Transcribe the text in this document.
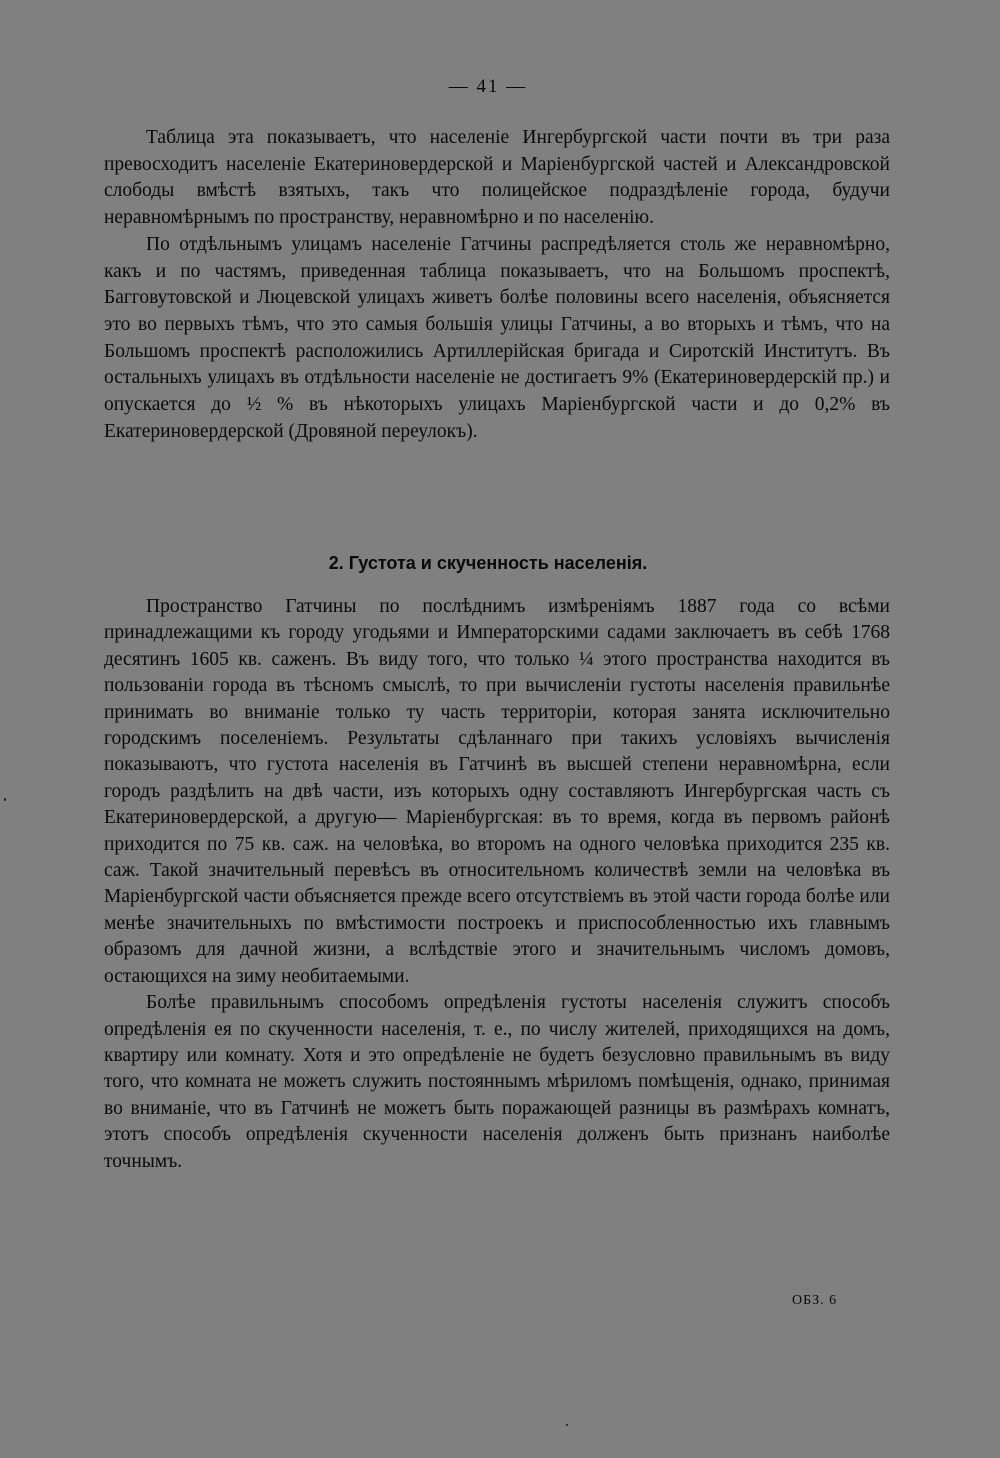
— 41 —

Таблица эта показываетъ, что населеніе Ингербургской части почти въ три раза превосходитъ населеніе Екатериновердерской и Маріенбургской частей и Александровской слободы вмѣстѣ взятыхъ, такъ что полицейское подраздѣленіе города, будучи неравномѣрнымъ по пространству, неравномѣрно и по населенію.

По отдѣльнымъ улицамъ населеніе Гатчины распредѣляется столь же неравномѣрно, какъ и по частямъ, приведенная таблица показываетъ, что на Большомъ проспектѣ, Багговутовской и Люцевской улицахъ живетъ болѣе половины всего населенія, объясняется это во первыхъ тѣмъ, что это самыя большія улицы Гатчины, а во вторыхъ и тѣмъ, что на Большомъ проспектѣ расположились Артиллерійская бригада и Сиротскій Институтъ. Въ остальныхъ улицахъ въ отдѣльности населеніе не достигаетъ 9% (Екатериновердерскій пр.) и опускается до ½ % въ нѣкоторыхъ улицахъ Маріенбургской части и до 0,2% въ Екатериновердерской (Дровяной переулокъ).

2. Густота и скученность населенія.

Пространство Гатчины по послѣднимъ измѣреніямъ 1887 года со всѣми принадлежащими къ городу угодьями и Императорскими садами заключаетъ въ себѣ 1768 десятинъ 1605 кв. саженъ. Въ виду того, что только ¼ этого пространства находится въ пользованіи города въ тѣсномъ смыслѣ, то при вычисленіи густоты населенія правильнѣе принимать во вниманіе только ту часть территоріи, которая занята исключительно городскимъ поселеніемъ. Результаты сдѣланнаго при такихъ условіяхъ вычисленія показываютъ, что густота населенія въ Гатчинѣ въ высшей степени неравномѣрна, если городъ раздѣлить на двѣ части, изъ которыхъ одну составляютъ Ингербургская часть съ Екатериновердерской, а другую— Маріенбургская: въ то время, когда въ первомъ районѣ приходится по 75 кв. саж. на человѣка, во второмъ на одного человѣка приходится 235 кв. саж. Такой значительный перевѣсъ въ относительномъ количествѣ земли на человѣка въ Маріенбургской части объясняется прежде всего отсутствіемъ въ этой части города болѣе или менѣе значительныхъ по вмѣстимости построекъ и приспособленностью ихъ главнымъ образомъ для дачной жизни, а вслѣдствіе этого и значительнымъ числомъ домовъ, остающихся на зиму необитаемыми.

Болѣе правильнымъ способомъ опредѣленія густоты населенія служитъ способъ опредѣленія ея по скученности населенія, т. е., по числу жителей, приходящихся на домъ, квартиру или комнату. Хотя и это опредѣленіе не будетъ безусловно правильнымъ въ виду того, что комната не можетъ служить постояннымъ мѣриломъ помѣщенія, однако, принимая во вниманіе, что въ Гатчинѣ не можетъ быть поражающей разницы въ размѣрахъ комнатъ, этотъ способъ опредѣленія скученности населенія долженъ быть признанъ наиболѣе точнымъ.

ОБЗ. 6
